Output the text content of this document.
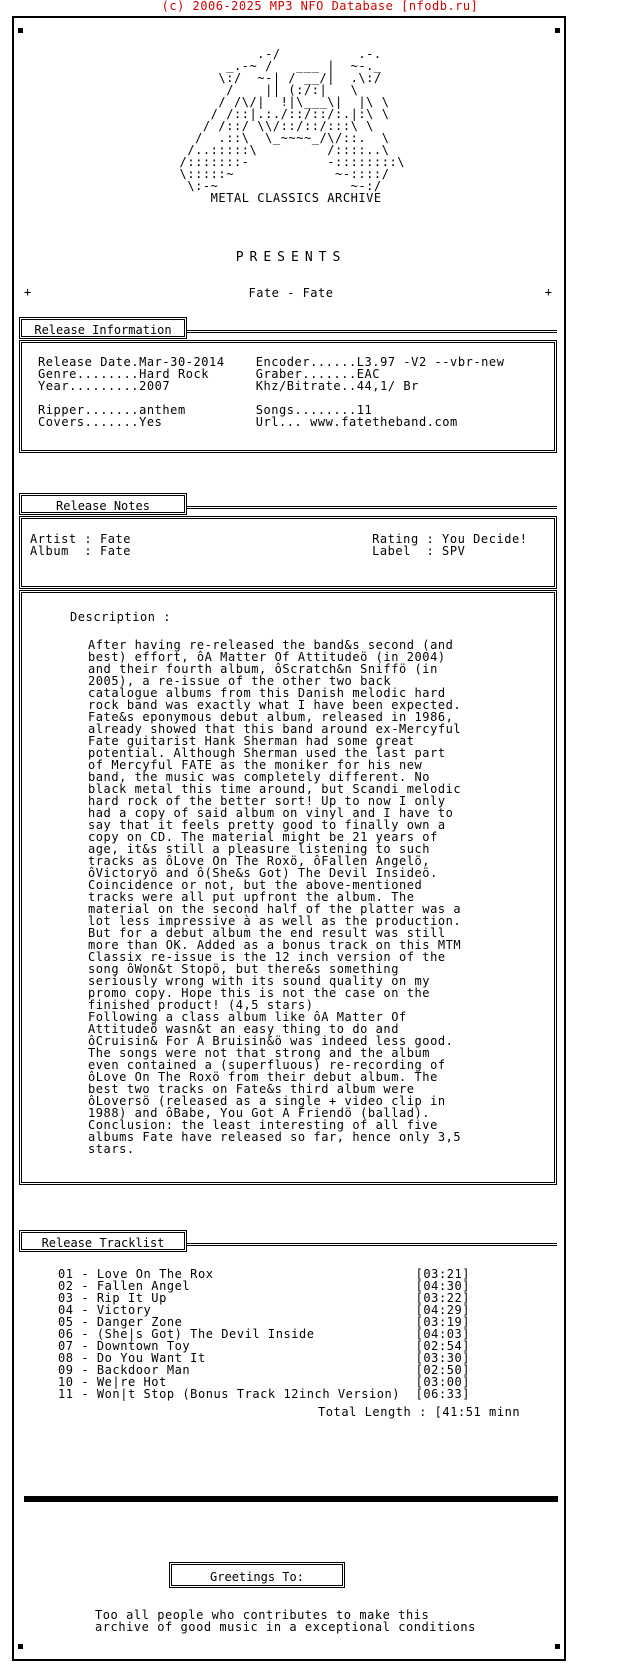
(c) 2006-2025 MP3 NFO Database [nfodb.ru]
.-/          .-.
_.-~ /   ___ |  ~-._
\:/  ~-| / __/|  .\:/
/    || (:/:|   \
/ /\/|  !|\___\|  |\ \
/ /::|.:./::/::/:.|:\ \
/ /::/ \\/::/::/:::\ \
/  .::\  \_~~~~_/\/::.  \
/..:::::\         /::::..\
/:::::::-          -::::::::\
\:::::~             ~-::::/
\:-~                 ~-:/
METAL CLASSICS ARCHIVE
PRESENTS
+	Fate - Fate	+
Release Information
Release Date.Mar-30-2014    Encoder......L3.97 -V2 --vbr-new
Genre........Hard Rock      Graber.......EAC
Year.........2007           Khz/Bitrate..44,1/ Br

Ripper.......anthem         Songs........11
Covers.......Yes            Url... www.fatetheband.com
Release Notes
Artist : Fate                               Rating : You Decide!
Album  : Fate                               Label  : SPV
Description :
After having re-released the band&s second (and
best) effort, ôA Matter Of Attitudeö (in 2004)
and their fourth album, ôScratch&n Sniffö (in
2005), a re-issue of the other two back
catalogue albums from this Danish melodic hard
rock band was exactly what I have been expected.
Fate&s eponymous debut album, released in 1986,
already showed that this band around ex-Mercyful
Fate guitarist Hank Sherman had some great
potential. Although Sherman used the last part
of Mercyful FATE as the moniker for his new
band, the music was completely different. No
black metal this time around, but Scandi melodic
hard rock of the better sort! Up to now I only
had a copy of said album on vinyl and I have to
say that it feels pretty good to finally own a
copy on CD. The material might be 21 years of
age, it&s still a pleasure listening to such
tracks as ôLove On The Roxö, ôFallen Angelö,
ôVictoryö and ô(She&s Got) The Devil Insideö.
Coincidence or not, but the above-mentioned
tracks were all put upfront the album. The
material on the second half of the platter was a
lot less impressive à as well as the production.
But for a debut album the end result was still
more than OK. Added as a bonus track on this MTM
Classix re-issue is the 12 inch version of the
song ôWon&t Stopö, but there&s something
seriously wrong with its sound quality on my
promo copy. Hope this is not the case on the
finished product! (4,5 stars)
Following a class album like ôA Matter Of
Attitudeö wasn&t an easy thing to do and
ôCruisin& For A Bruisin&ö was indeed less good.
The songs were not that strong and the album
even contained a (superfluous) re-recording of
ôLove On The Roxö from their debut album. The
best two tracks on Fate&s third album were
ôLoversö (released as a single + video clip in
1988) and ôBabe, You Got A Friendö (ballad).
Conclusion: the least interesting of all five
albums Fate have released so far, hence only 3,5
stars.
Release Tracklist
01 - Love On The Rox                          [03:21]
02 - Fallen Angel                             [04:30]
03 - Rip It Up                                [03:22]
04 - Victory                                  [04:29]
05 - Danger Zone                              [03:19]
06 - (She|s Got) The Devil Inside             [04:03]
07 - Downtown Toy                             [02:54]
08 - Do You Want It                           [03:30]
09 - Backdoor Man                             [02:50]
10 - We|re Hot                                [03:00]
11 - Won|t Stop (Bonus Track 12inch Version)  [06:33]
Total Length : [41:51 minn
Greetings To:
Too all people who contributes to make this
archive of good music in a exceptional conditions
